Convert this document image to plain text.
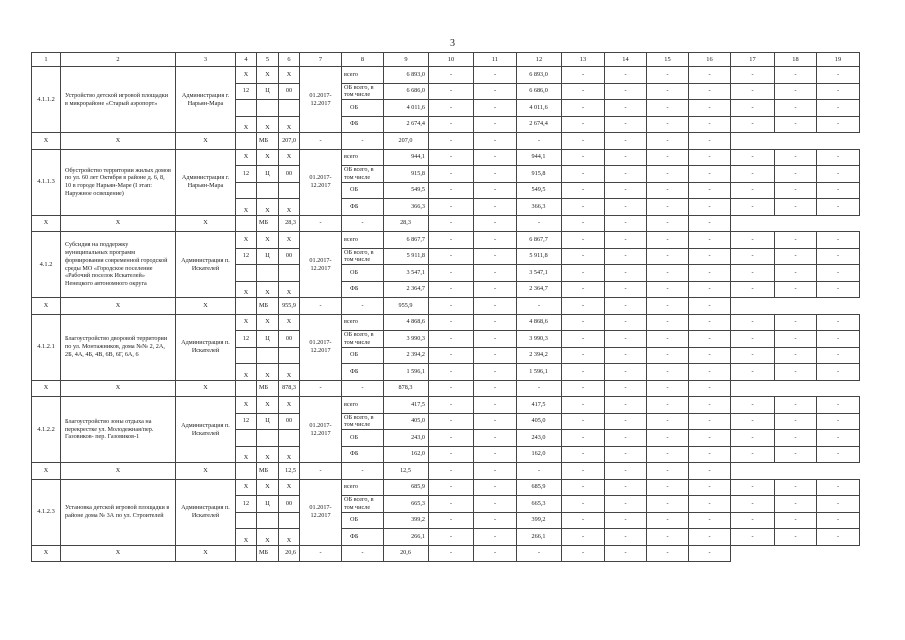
3
1	2	3	4	5	6	7	8	9	10	11	12	13	14	15	16	17	18	19
4.1.1.2	Устройство детской игровой площадки в микрорайоне «Старый аэропорт»	Администрация г. Нарьян-Мара	Х	Х	Х	01.2017-12.2017	всего	6 893,0	-	-	6 893,0	-	-	-	-	-	-	-
			12	Ц	00		ОБ всего, в том числе	6 686,0	-	-	6 686,0	-	-	-	-	-	-	-
							ОБ	4 011,6	-	-	4 011,6	-	-	-	-	-	-	-
			Х	Х	Х		ФБ	2 674,4	-	-	2 674,4	-	-	-	-	-	-	-
Х	Х	Х		МБ	207,0	-	-	207,0	-	-	-	-	-	-	-			
4.1.1.3	Обустройство территории жилых домов по ул. 60 лет Октября в районе д. 6, 8, 10 в городе Нарьян-Маре (I этап: Наружное освещение)	Администрация г. Нарьян-Мара	Х	Х	Х	01.2017-12.2017	всего	944,1	-	-	944,1	-	-	-	-	-	-	-
			12	Ц	00		ОБ всего, в том числе	915,8	-	-	915,8	-	-	-	-	-	-	-
							ОБ	549,5	-	-	549,5	-	-	-	-	-	-	-
			Х	Х	Х		ФБ	366,3	-	-	366,3	-	-	-	-	-	-	-
Х	Х	Х		МБ	28,3	-	-	28,3	-	-	-	-	-	-	-			
4.1.2	Субсидия на поддержку муниципальных программ формирования современной городской среды МО «Городское поселение «Рабочий поселок Искателей» Ненецкого автономного округа	Администрация п. Искателей	Х	Х	Х	01.2017-12.2017	всего	6 867,7	-	-	6 867,7	-	-	-	-	-	-	-
			12	Ц	00		ОБ всего, в том числе	5 911,8	-	-	5 911,8	-	-	-	-	-	-	-
							ОБ	3 547,1	-	-	3 547,1	-	-	-	-	-	-	-
			Х	Х	Х		ФБ	2 364,7	-	-	2 364,7	-	-	-	-	-	-	-
Х	Х	Х		МБ	955,9	-	-	955,9	-	-	-	-	-	-	-			
4.1.2.1	Благоустройство дворовой территории по ул. Монтажников, дома №№ 2, 2А, 2Б, 4А, 4Б, 4В, 6В, 6Г, 6А, 6	Администрация п. Искателей	Х	Х	Х	01.2017-12.2017	всего	4 868,6	-	-	4 868,6	-	-	-	-	-	-	-
			12	Ц	00		ОБ всего, в том числе	3 990,3	-	-	3 990,3	-	-	-	-	-	-	-
							ОБ	2 394,2	-	-	2 394,2	-	-	-	-	-	-	-
			Х	Х	Х		ФБ	1 596,1	-	-	1 596,1	-	-	-	-	-	-	-
Х	Х	Х		МБ	878,3	-	-	878,3	-	-	-	-	-	-	-			
4.1.2.2	Благоустройство зоны отдыха на перекрестке ул. Молодежная/пер. Газовиков- пер. Газовиков-1	Администрация п. Искателей	Х	Х	Х	01.2017-12.2017	всего	417,5	-	-	417,5	-	-	-	-	-	-	-
			12	Ц	00		ОБ всего, в том числе	405,0	-	-	405,0	-	-	-	-	-	-	-
							ОБ	243,0	-	-	243,0	-	-	-	-	-	-	-
			Х	Х	Х		ФБ	162,0	-	-	162,0	-	-	-	-	-	-	-
Х	Х	Х		МБ	12,5	-	-	12,5	-	-	-	-	-	-	-			
4.1.2.3	Установка детской игровой площадки в районе дома № 3А по ул. Строителей	Администрация п. Искателей	Х	Х	Х	01.2017-12.2017	всего	685,9	-	-	685,9	-	-	-	-	-	-	-
			12	Ц	00		ОБ всего, в том числе	665,3	-	-	665,3	-	-	-	-	-	-	-
							ОБ	399,2	-	-	399,2	-	-	-	-	-	-	-
			Х	Х	Х		ФБ	266,1	-	-	266,1	-	-	-	-	-	-	-
Х	Х	Х		МБ	20,6	-	-	20,6	-	-	-	-	-	-	-			
